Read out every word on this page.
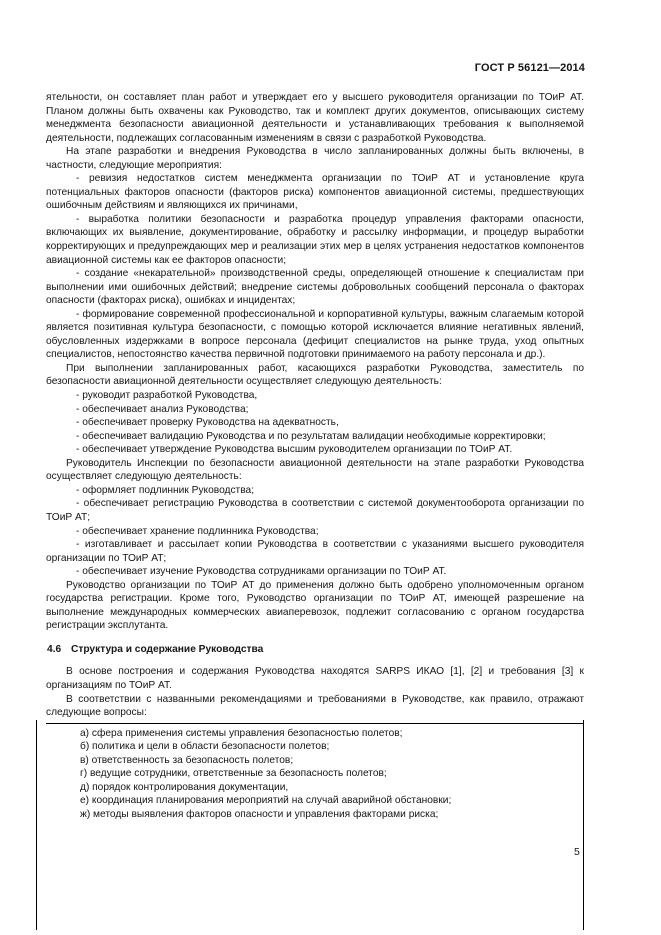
ГОСТ Р 56121—2014

ятельности, он составляет план работ и утверждает его у высшего руководителя организации по ТОиР АТ. Планом должны быть охвачены как Руководство, так и комплект других документов, описывающих систему менеджмента безопасности авиационной деятельности и устанавливающих требования к выполняемой деятельности, подлежащих согласованным изменениям в связи с разработкой Руководства.

На этапе разработки и внедрения Руководства в число запланированных должны быть включены, в частности, следующие мероприятия:

- ревизия недостатков систем менеджмента организации по ТОиР АТ и установление круга потенциальных факторов опасности (факторов риска) компонентов авиационной системы, предшествующих ошибочным действиям и являющихся их причинами,

- выработка политики безопасности и разработка процедур управления факторами опасности, включающих их выявление, документирование, обработку и рассылку информации, и процедур выработки корректирующих и предупреждающих мер и реализации этих мер в целях устранения недостатков компонентов авиационной системы как ее факторов опасности;

- создание «некарательной» производственной среды, определяющей отношение к специалистам при выполнении ими ошибочных действий; внедрение системы добровольных сообщений персонала о факторах опасности (факторах риска), ошибках и инцидентах;

- формирование современной профессиональной и корпоративной культуры, важным слагаемым которой является позитивная культура безопасности, с помощью которой исключается влияние негативных явлений, обусловленных издержками в вопросе персонала (дефицит специалистов на рынке труда, уход опытных специалистов, непостоянство качества первичной подготовки принимаемого на работу персонала и др.).

При выполнении запланированных работ, касающихся разработки Руководства, заместитель по безопасности авиационной деятельности осуществляет следующую деятельность:

- руководит разработкой Руководства,

- обеспечивает анализ Руководства;

- обеспечивает проверку Руководства на адекватность,

- обеспечивает валидацию Руководства и по результатам валидации необходимые корректировки;

- обеспечивает утверждение Руководства высшим руководителем организации по ТОиР АТ.

Руководитель Инспекции по безопасности авиационной деятельности на этапе разработки Руководства осуществляет следующую деятельность:

- оформляет подлинник Руководства;

- обеспечивает регистрацию Руководства в соответствии с системой документооборота организации по ТОиР АТ;

- обеспечивает хранение подлинника Руководства;

- изготавливает и рассылает копии Руководства в соответствии с указаниями высшего руководителя организации по ТОиР АТ;

- обеспечивает изучение Руководства сотрудниками организации по ТОиР АТ.

Руководство организации по ТОиР АТ до применения должно быть одобрено уполномоченным органом государства регистрации. Кроме того, Руководство организации по ТОиР АТ, имеющей разрешение на выполнение международных коммерческих авиаперевозок, подлежит согласованию с органом государства регистрации эксплутанта.

4.6 Структура и содержание Руководства

В основе построения и содержания Руководства находятся SARPS ИКАО [1], [2] и требования [3] к организациям по ТОиР АТ.

В соответствии с названными рекомендациями и требованиями в Руководстве, как правило, отражают следующие вопросы:

а) сфера применения системы управления безопасностью полетов;

б) политика и цели в области безопасности полетов;

в) ответственность за безопасность полетов;

г) ведущие сотрудники, ответственные за безопасность полетов;

д) порядок контролирования документации,

е) координация планирования мероприятий на случай аварийной обстановки;

ж) методы выявления факторов опасности и управления факторами риска;

5
